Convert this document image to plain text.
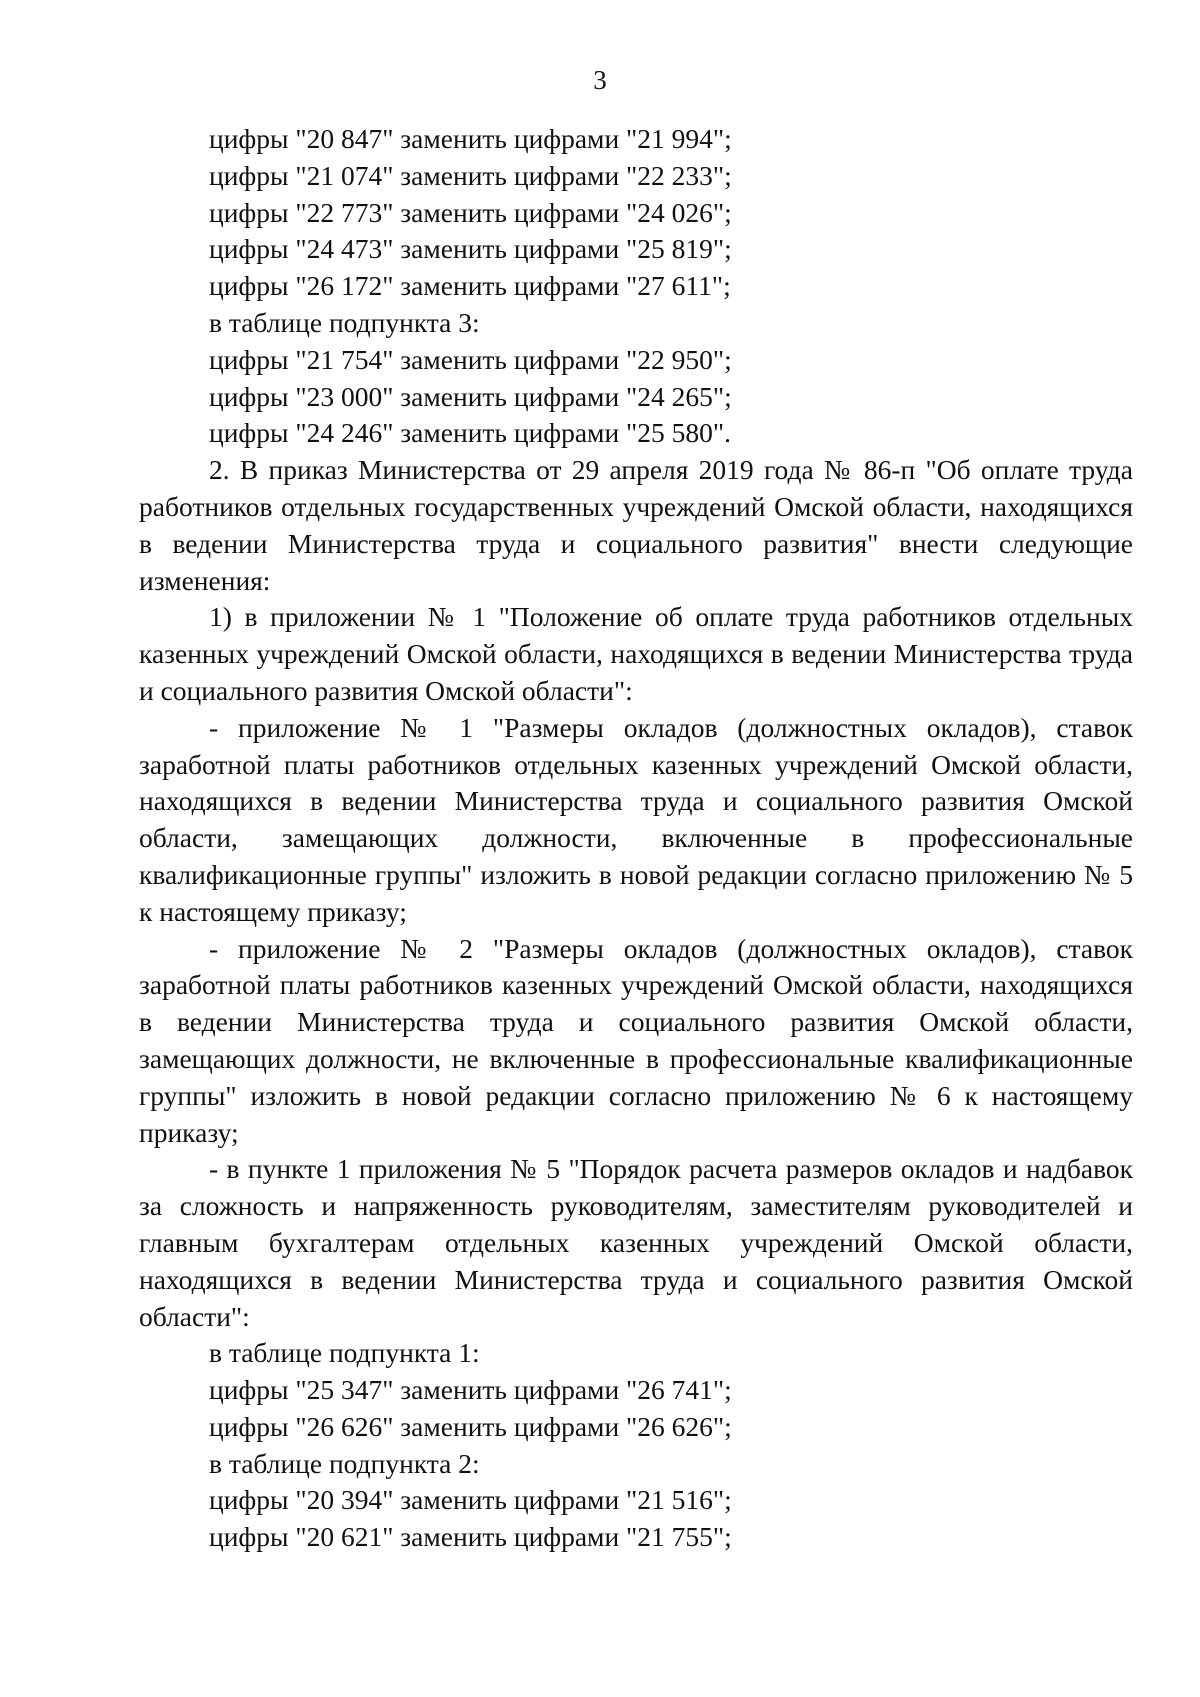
3

цифры "20 847" заменить цифрами "21 994";

цифры "21 074" заменить цифрами "22 233";

цифры "22 773" заменить цифрами "24 026";

цифры "24 473" заменить цифрами "25 819";

цифры "26 172" заменить цифрами "27 611";

в таблице подпункта 3:

цифры "21 754" заменить цифрами "22 950";

цифры "23 000" заменить цифрами "24 265";

цифры "24 246" заменить цифрами "25 580".

2. В приказ Министерства от 29 апреля 2019 года № 86-п "Об оплате труда работников отдельных государственных учреждений Омской области, находящихся в ведении Министерства труда и социального развития" внести следующие изменения:

1) в приложении № 1 "Положение об оплате труда работников отдельных казенных учреждений Омской области, находящихся в ведении Министерства труда и социального развития Омской области":

- приложение № 1 "Размеры окладов (должностных окладов), ставок заработной платы работников отдельных казенных учреждений Омской области, находящихся в ведении Министерства труда и социального развития Омской области, замещающих должности, включенные в профессиональные квалификационные группы" изложить в новой редакции согласно приложению № 5 к настоящему приказу;

- приложение № 2 "Размеры окладов (должностных окладов), ставок заработной платы работников казенных учреждений Омской области, находящихся в ведении Министерства труда и социального развития Омской области, замещающих должности, не включенные в профессиональные квалификационные группы" изложить в новой редакции согласно приложению № 6 к настоящему приказу;

- в пункте 1 приложения № 5 "Порядок расчета размеров окладов и надбавок за сложность и напряженность руководителям, заместителям руководителей и главным бухгалтерам отдельных казенных учреждений Омской области, находящихся в ведении Министерства труда и социального развития Омской области":

в таблице подпункта 1:

цифры "25 347" заменить цифрами "26 741";

цифры "26 626" заменить цифрами "26 626";

в таблице подпункта 2:

цифры "20 394" заменить цифрами "21 516";

цифры "20 621" заменить цифрами "21 755";
